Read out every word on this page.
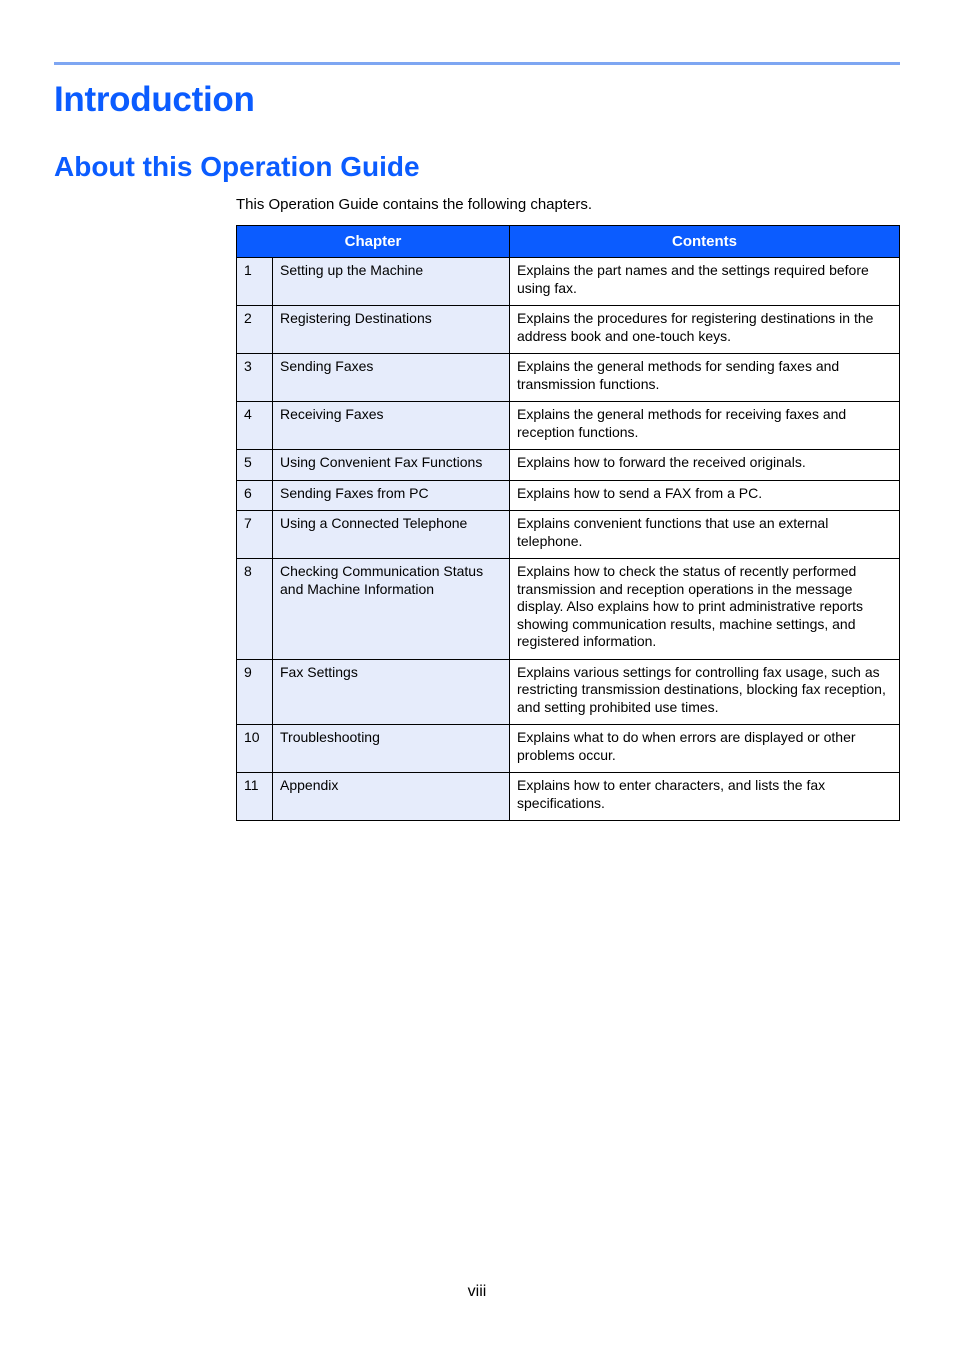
Introduction
About this Operation Guide

This Operation Guide contains the following chapters.

Chapter		Contents
1	Setting up the Machine	Explains the part names and the settings required before using fax.
2	Registering Destinations	Explains the procedures for registering destinations in the address book and one-touch keys.
3	Sending Faxes	Explains the general methods for sending faxes and transmission functions.
4	Receiving Faxes	Explains the general methods for receiving faxes and reception functions.
5	Using Convenient Fax Functions	Explains how to forward the received originals.
6	Sending Faxes from PC	Explains how to send a FAX from a PC.
7	Using a Connected Telephone	Explains convenient functions that use an external telephone.
8	Checking Communication Status and Machine Information	Explains how to check the status of recently performed transmission and reception operations in the message display. Also explains how to print administrative reports showing communication results, machine settings, and registered information.
9	Fax Settings	Explains various settings for controlling fax usage, such as restricting transmission destinations, blocking fax reception, and setting prohibited use times.
10	Troubleshooting	Explains what to do when errors are displayed or other problems occur.
11	Appendix	Explains how to enter characters, and lists the fax specifications.
viii
